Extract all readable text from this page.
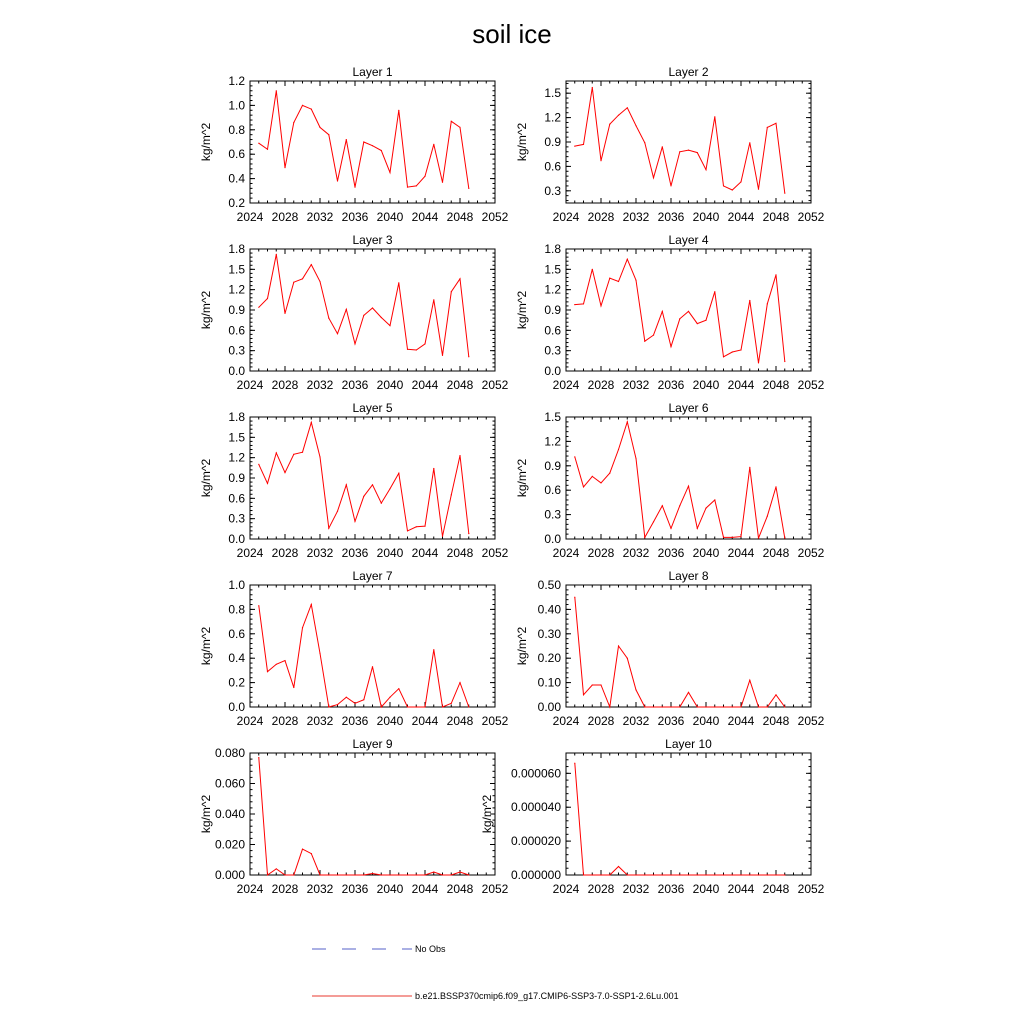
soil ice
Layer 1
2024 2028 2032 2036 2040 2044 2048 2052
0.2
0.4
0.6
0.8
1.0
1.2
kg/m^2
Layer 2
2024 2028 2032 2036 2040 2044 2048 2052
0.3
0.6
0.9
1.2
1.5
kg/m^2
Layer 3
2024 2028 2032 2036 2040 2044 2048 2052
0.0
0.3
0.6
0.9
1.2
1.5
1.8
kg/m^2
Layer 4
2024 2028 2032 2036 2040 2044 2048 2052
0.0
0.3
0.6
0.9
1.2
1.5
1.8
kg/m^2
Layer 5
2024 2028 2032 2036 2040 2044 2048 2052
0.0
0.3
0.6
0.9
1.2
1.5
1.8
kg/m^2
Layer 6
2024 2028 2032 2036 2040 2044 2048 2052
0.0
0.3
0.6
0.9
1.2
1.5
kg/m^2
Layer 7
2024 2028 2032 2036 2040 2044 2048 2052
0.0
0.2
0.4
0.6
0.8
1.0
kg/m^2
Layer 8
2024 2028 2032 2036 2040 2044 2048 2052
0.00
0.10
0.20
0.30
0.40
0.50
kg/m^2
Layer 9
2024 2028 2032 2036 2040 2044 2048 2052
0.000
0.020
0.040
0.060
0.080
kg/m^2
Layer 10
2024 2028 2032 2036 2040 2044 2048 2052
0.000000
0.000020
0.000040
0.000060
kg/m^2
No Obs
b.e21.BSSP370cmip6.f09_g17.CMIP6-SSP3-7.0-SSP1-2.6Lu.001
